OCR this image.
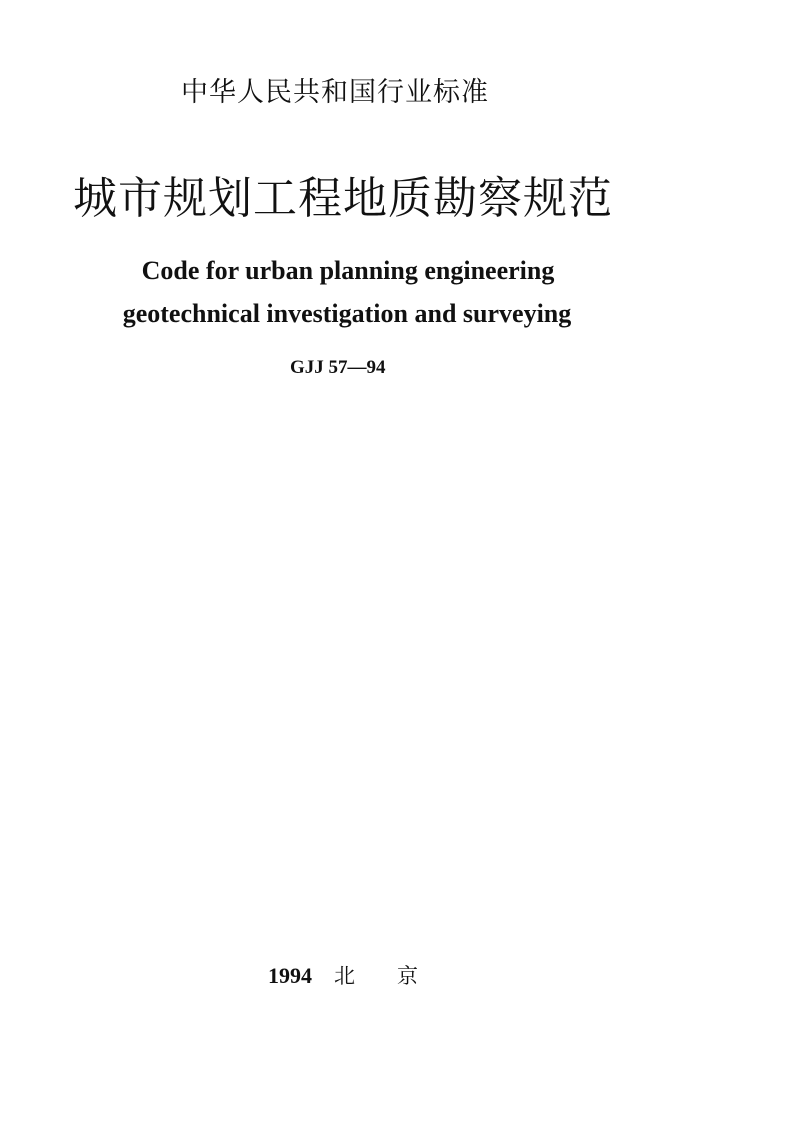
中华人民共和国行业标准
城市规划工程地质勘察规范
Code for urban planning engineering
geotechnical investigation and surveying
GJJ 57—94
1994 北京
